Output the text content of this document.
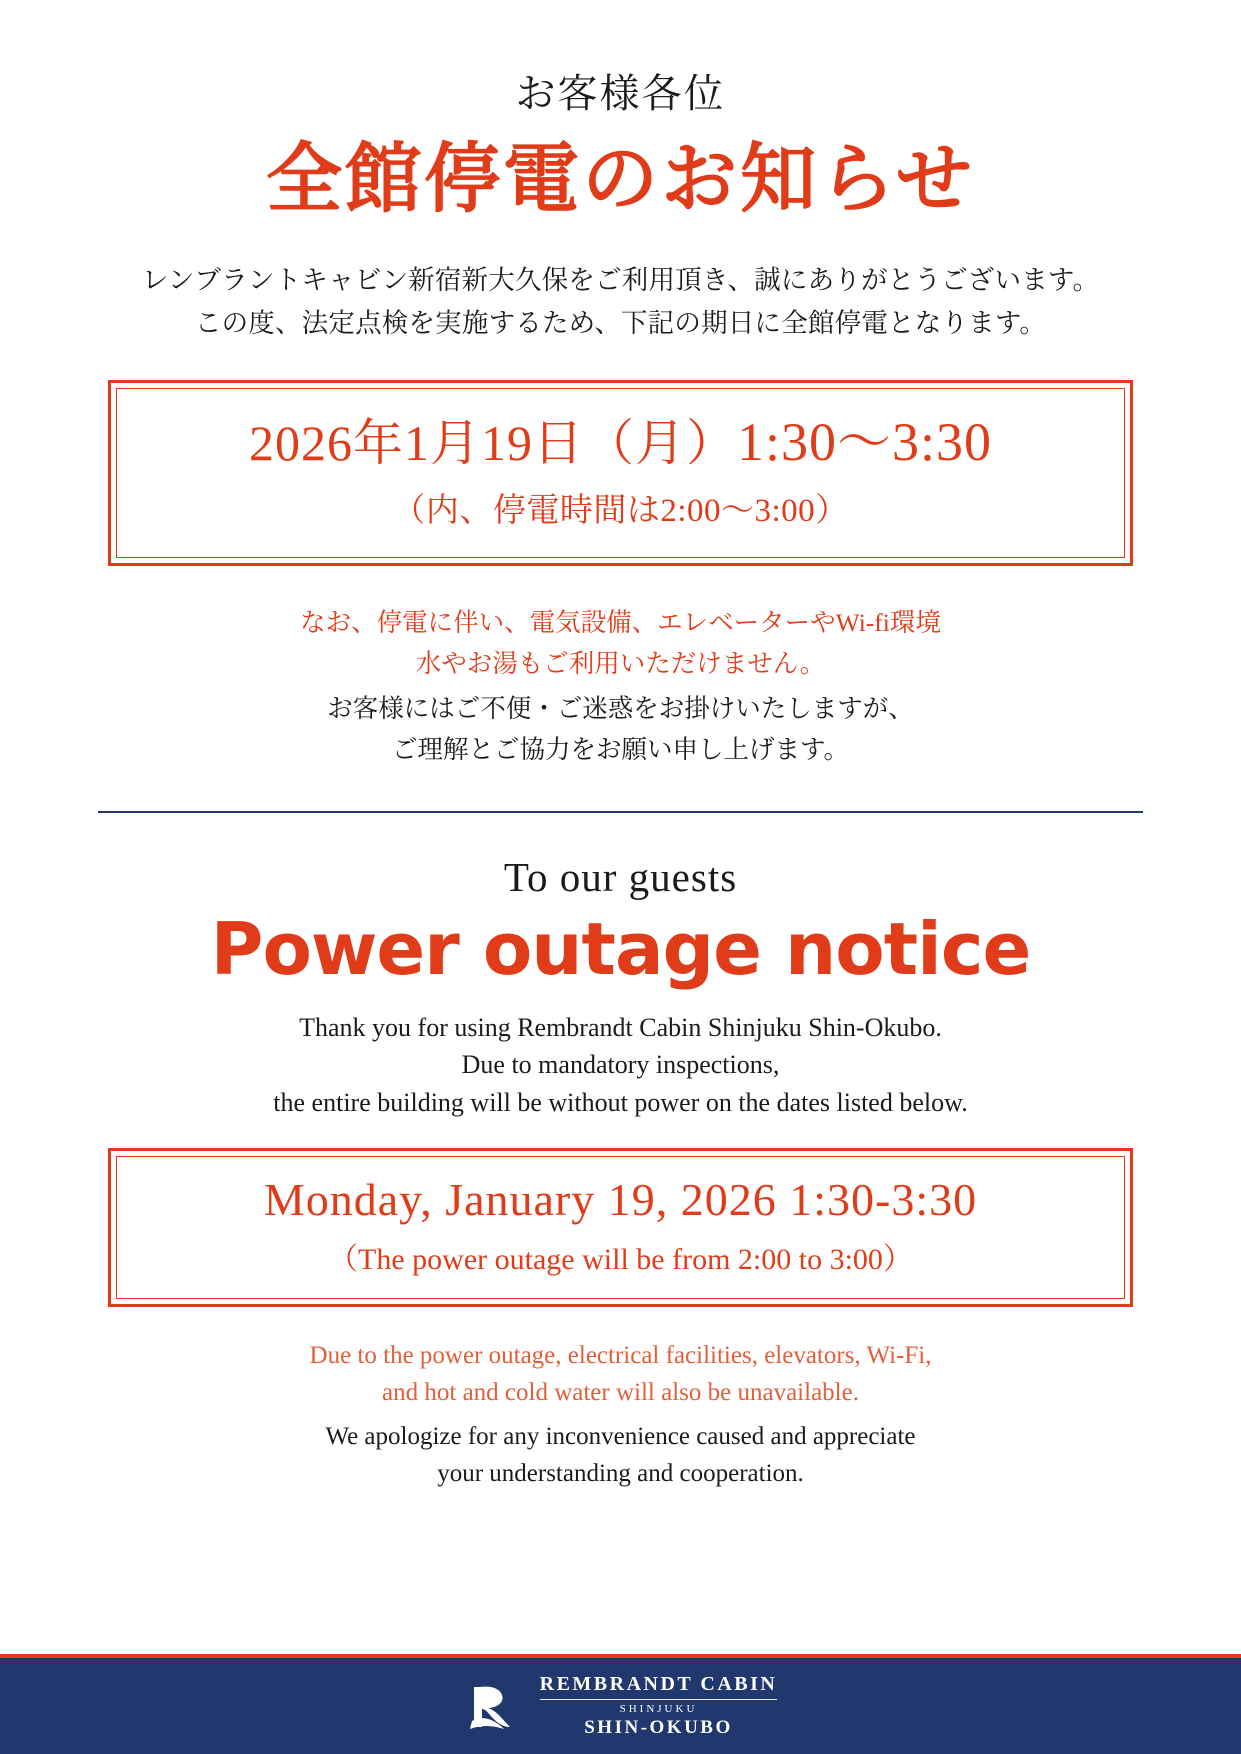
お客様各位
全館停電のお知らせ
レンブラントキャビン新宿新大久保をご利用頂き、誠にありがとうございます。
この度、法定点検を実施するため、下記の期日に全館停電となります。
2026年1月19日（月）1:30〜3:30
（内、停電時間は2:00〜3:00）
なお、停電に伴い、電気設備、エレベーターやWi-fi環境
水やお湯もご利用いただけません。
お客様にはご不便・ご迷惑をお掛けいたしますが、
ご理解とご協力をお願い申し上げます。
To our guests
Power outage notice
Thank you for using Rembrandt Cabin Shinjuku Shin-Okubo.
Due to mandatory inspections,
the entire building will be without power on the dates listed below.
Monday, January 19, 2026 1:30-3:30
（The power outage will be from 2:00 to 3:00）
Due to the power outage, electrical facilities, elevators, Wi-Fi,
and hot and cold water will also be unavailable.
We apologize for any inconvenience caused and appreciate
your understanding and cooperation.
REMBRANDT CABIN
SHINJUKU
SHIN-OKUBO
